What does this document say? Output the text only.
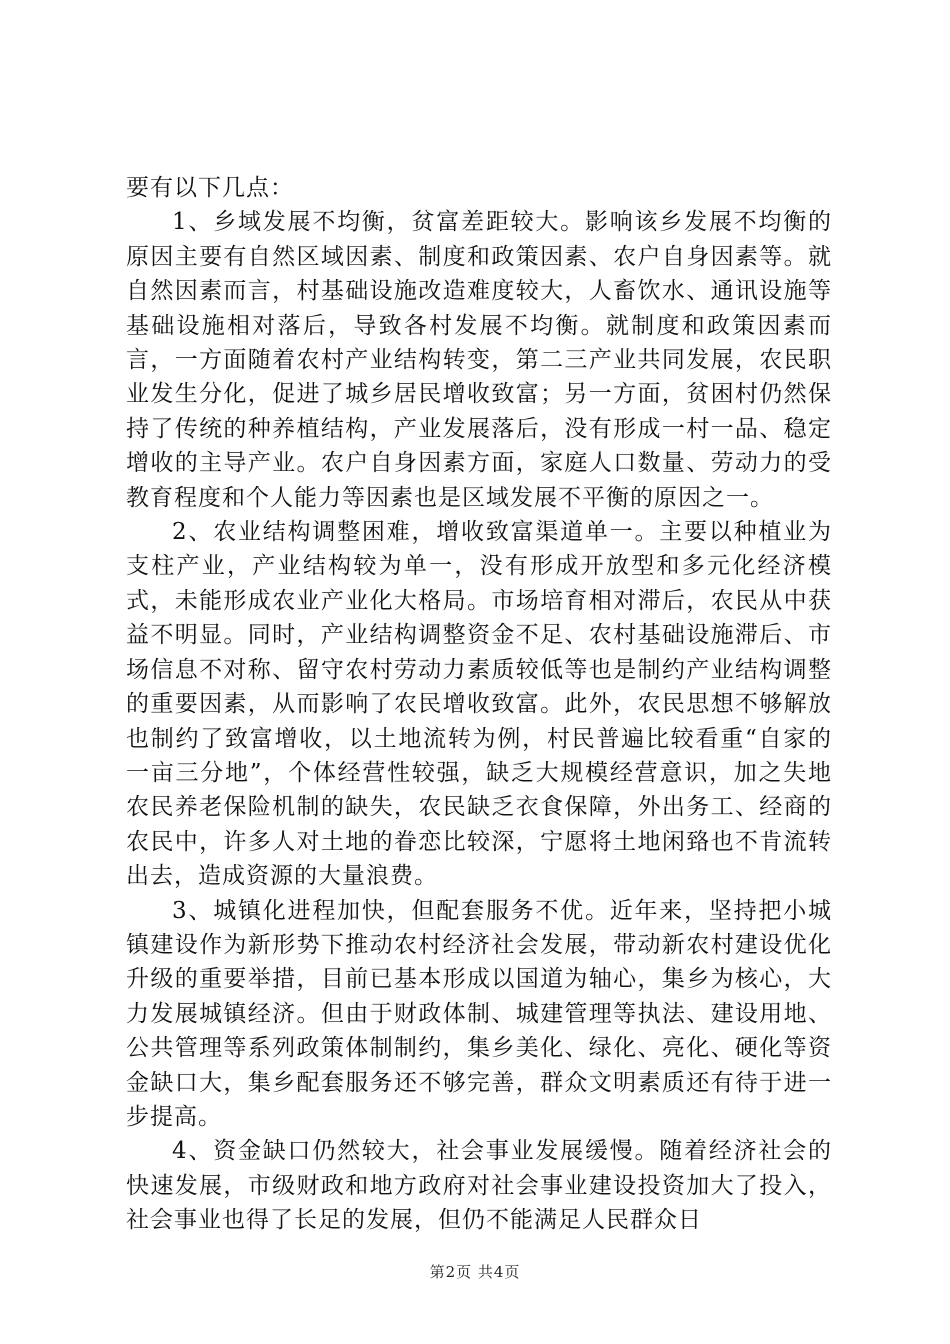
要有以下几点：

1、乡域发展不均衡，贫富差距较大。影响该乡发展不均衡的原因主要有自然区域因素、制度和政策因素、农户自身因素等。就自然因素而言，村基础设施改造难度较大，人畜饮水、通讯设施等基础设施相对落后，导致各村发展不均衡。就制度和政策因素而言，一方面随着农村产业结构转变，第二三产业共同发展，农民职业发生分化，促进了城乡居民增收致富；另一方面，贫困村仍然保持了传统的种养植结构，产业发展落后，没有形成一村一品、稳定增收的主导产业。农户自身因素方面，家庭人口数量、劳动力的受教育程度和个人能力等因素也是区域发展不平衡的原因之一。

2、农业结构调整困难，增收致富渠道单一。主要以种植业为支柱产业，产业结构较为单一，没有形成开放型和多元化经济模式，未能形成农业产业化大格局。市场培育相对滞后，农民从中获益不明显。同时，产业结构调整资金不足、农村基础设施滞后、市场信息不对称、留守农村劳动力素质较低等也是制约产业结构调整的重要因素，从而影响了农民增收致富。此外，农民思想不够解放也制约了致富增收，以土地流转为例，村民普遍比较看重“自家的一亩三分地”，个体经营性较强，缺乏大规模经营意识，加之失地农民养老保险机制的缺失，农民缺乏衣食保障，外出务工、经商的农民中，许多人对土地的眷恋比较深，宁愿将土地闲臵也不肯流转出去，造成资源的大量浪费。

3、城镇化进程加快，但配套服务不优。近年来，坚持把小城镇建设作为新形势下推动农村经济社会发展，带动新农村建设优化升级的重要举措，目前已基本形成以国道为轴心，集乡为核心，大力发展城镇经济。但由于财政体制、城建管理等执法、建设用地、公共管理等系列政策体制制约，集乡美化、绿化、亮化、硬化等资金缺口大，集乡配套服务还不够完善，群众文明素质还有待于进一步提高。

4、资金缺口仍然较大，社会事业发展缓慢。随着经济社会的快速发展，市级财政和地方政府对社会事业建设投资加大了投入，社会事业也得了长足的发展，但仍不能满足人民群众日

第2页 共4页
